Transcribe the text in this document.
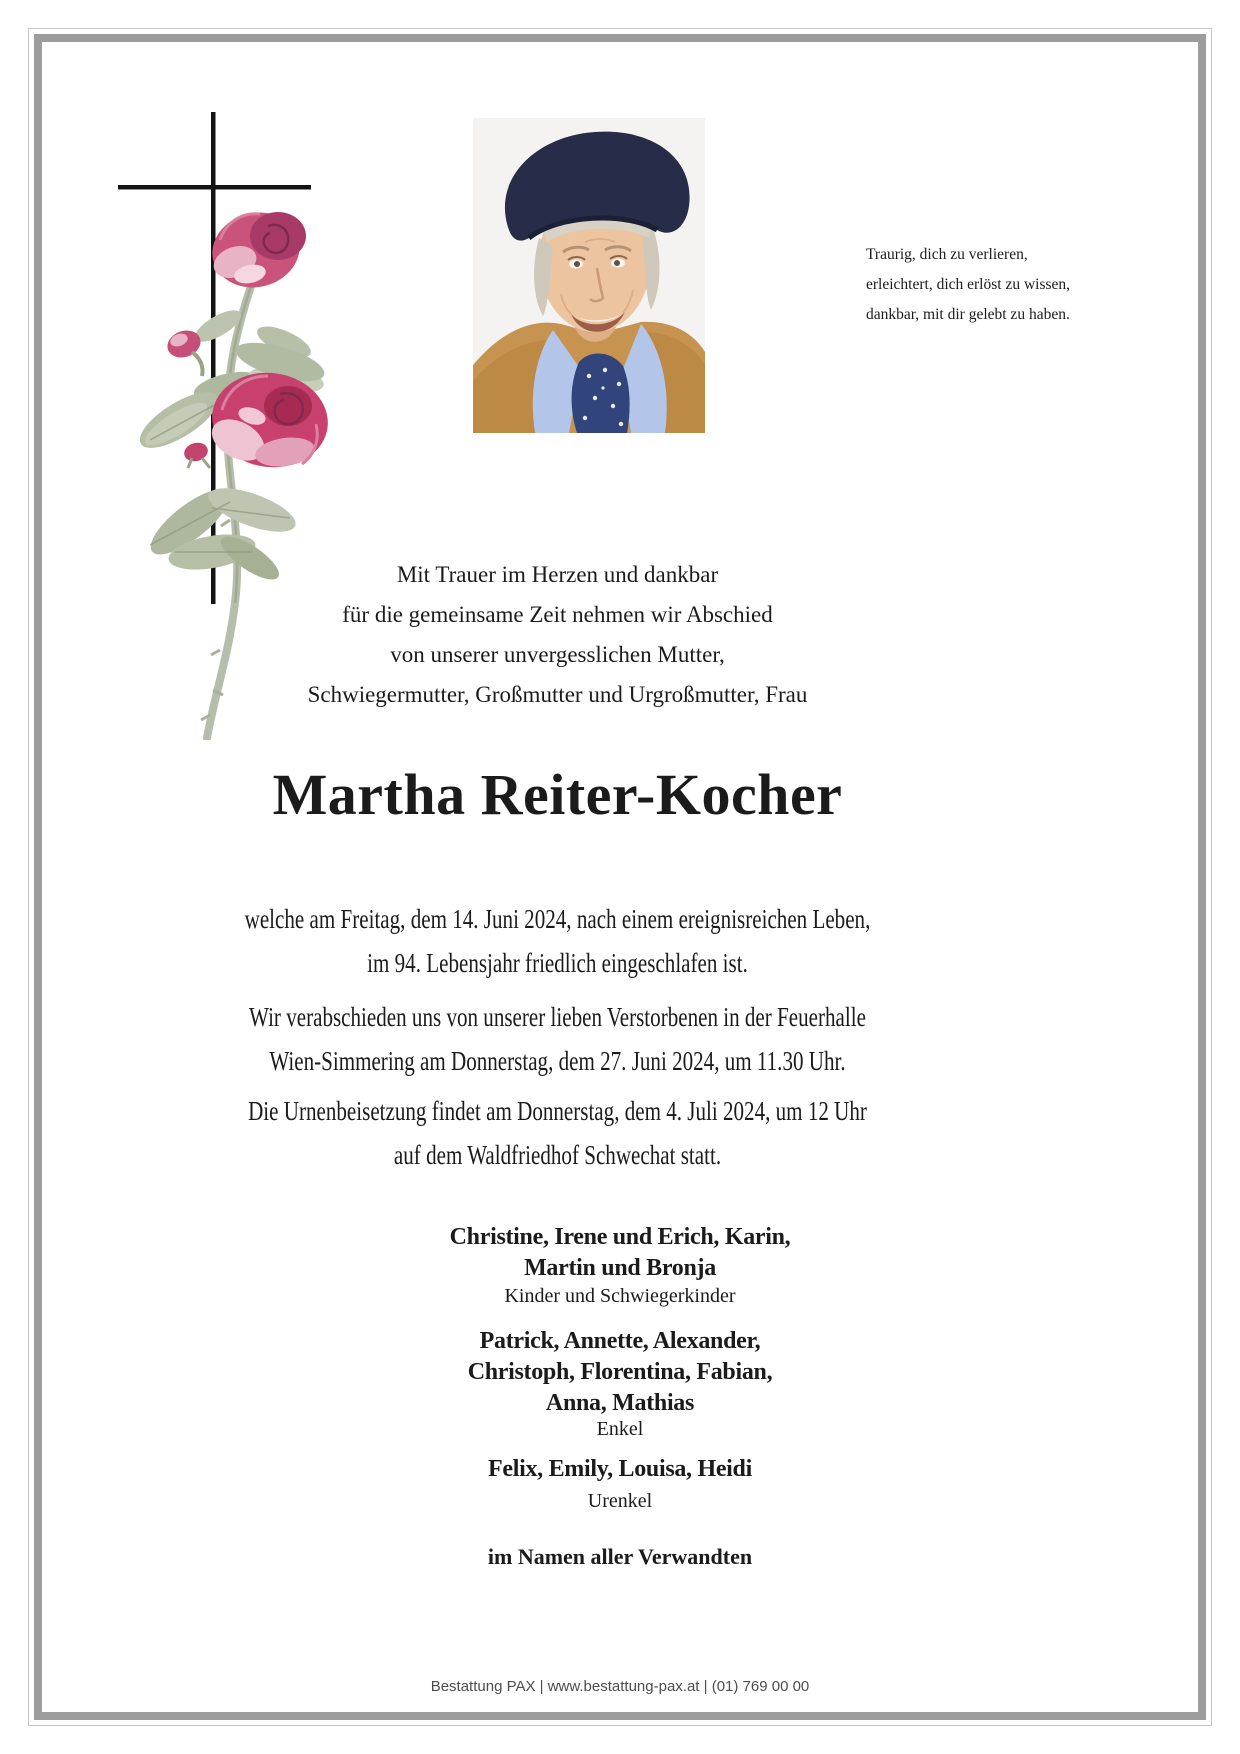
Traurig, dich zu verlieren,
erleichtert, dich erlöst zu wissen,
dankbar, mit dir gelebt zu haben.
Mit Trauer im Herzen und dankbar
für die gemeinsame Zeit nehmen wir Abschied
von unserer unvergesslichen Mutter,
Schwiegermutter, Großmutter und Urgroßmutter, Frau
Martha Reiter-Kocher
welche am Freitag, dem 14. Juni 2024, nach einem ereignisreichen Leben,
im 94. Lebensjahr friedlich eingeschlafen ist.
Wir verabschieden uns von unserer lieben Verstorbenen in der Feuerhalle
Wien-Simmering am Donnerstag, dem 27. Juni 2024, um 11.30 Uhr.
Die Urnenbeisetzung findet am Donnerstag, dem 4. Juli 2024, um 12 Uhr
auf dem Waldfriedhof Schwechat statt.
Christine, Irene und Erich, Karin,
Martin und Bronja
Kinder und Schwiegerkinder
Patrick, Annette, Alexander,
Christoph, Florentina, Fabian,
Anna, Mathias
Enkel
Felix, Emily, Louisa, Heidi
Urenkel
im Namen aller Verwandten
Bestattung PAX | www.bestattung-pax.at | (01) 769 00 00
